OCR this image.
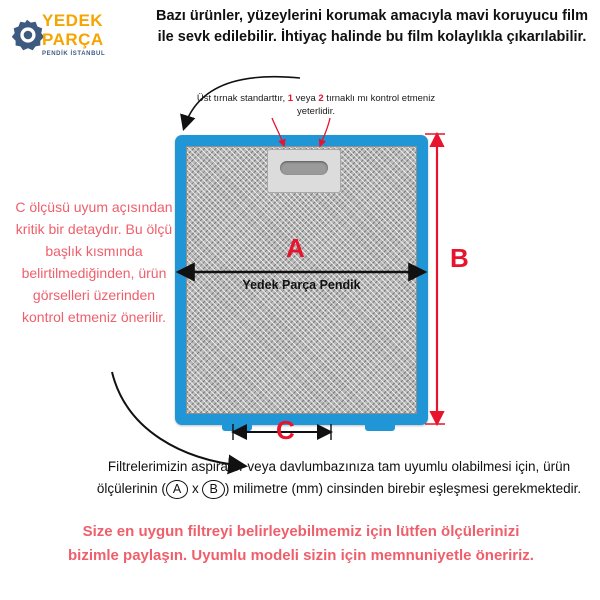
YEDEK
PARÇA
PENDİK İSTANBUL
Bazı ürünler, yüzeylerini korumak amacıyla mavi koruyucu film ile sevk edilebilir. İhtiyaç halinde bu film kolaylıkla çıkarılabilir.
Üst tırnak standarttır, 1 veya 2 tırnaklı mı kontrol etmeniz yeterlidir.
C ölçüsü uyum açısından kritik bir detaydır. Bu ölçü başlık kısmında belirtilmediğinden, ürün görselleri üzerinden kontrol etmeniz önerilir.
Yedek Parça Pendik
A	B
C
Filtrelerimizin aspiratör veya davlumbazınıza tam uyumlu olabilmesi için, ürün ölçülerinin ( A x B ) milimetre (mm) cinsinden birebir eşleşmesi gerekmektedir.
Size en uygun filtreyi belirleyebilmemiz için lütfen ölçülerinizi bizimle paylaşın. Uyumlu modeli sizin için memnuniyetle öneririz.
